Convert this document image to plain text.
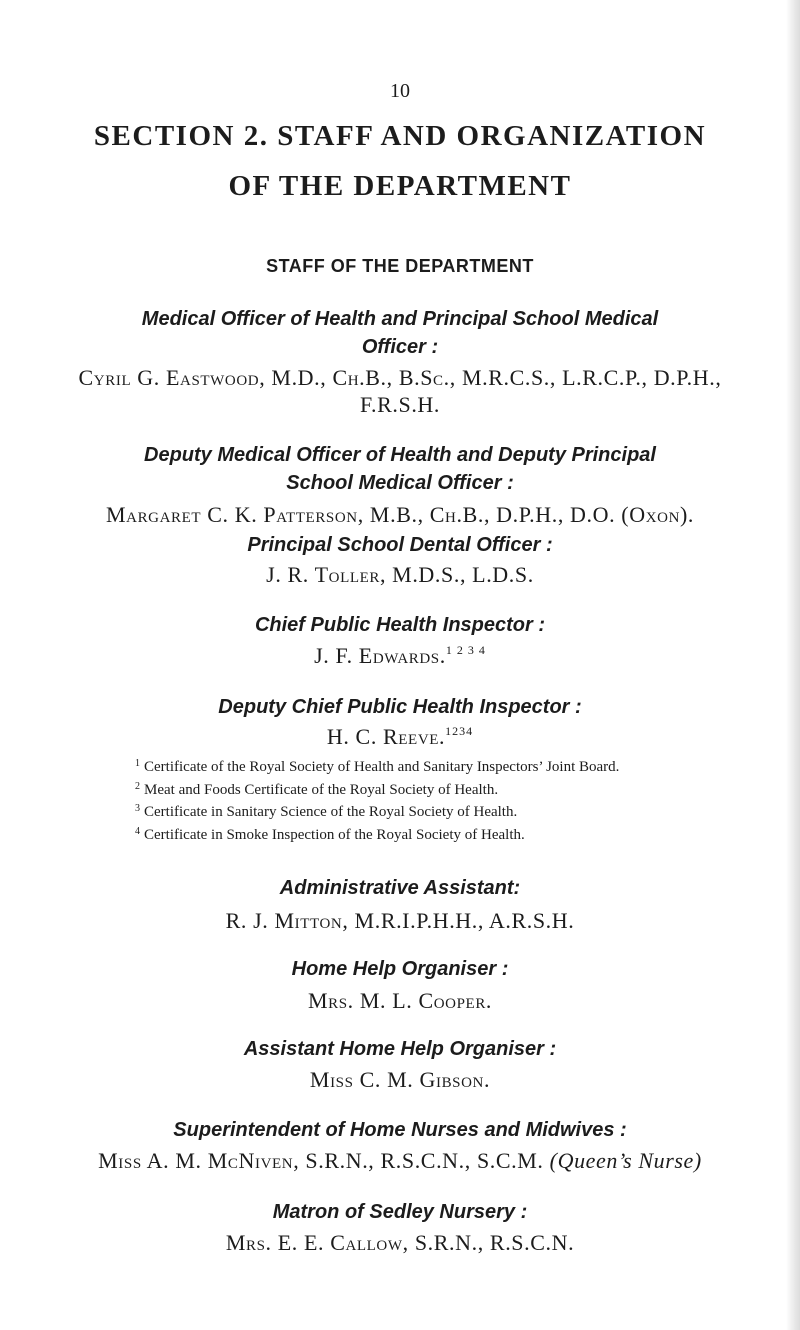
10
SECTION 2. STAFF AND ORGANIZATION
OF THE DEPARTMENT
STAFF OF THE DEPARTMENT
Medical Officer of Health and Principal School Medical
Officer :
Cyril G. Eastwood, M.D., Ch.B., B.Sc., M.R.C.S., L.R.C.P., D.P.H.,
F.R.S.H.
Deputy Medical Officer of Health and Deputy Principal
School Medical Officer :
Margaret C. K. Patterson, M.B., Ch.B., D.P.H., D.O. (Oxon).
Principal School Dental Officer :
J. R. Toller, M.D.S., L.D.S.
Chief Public Health Inspector :
J. F. Edwards.$^{1 2 3 4}$
Deputy Chief Public Health Inspector :
H. C. Reeve.$^{1234}$
$^1$ Certificate of the Royal Society of Health and Sanitary Inspectors’ Joint Board.
$^2$ Meat and Foods Certificate of the Royal Society of Health.
$^3$ Certificate in Sanitary Science of the Royal Society of Health.
$^4$ Certificate in Smoke Inspection of the Royal Society of Health.
Administrative Assistant:
R. J. Mitton, M.R.I.P.H.H., A.R.S.H.
Home Help Organiser :
Mrs. M. L. Cooper.
Assistant Home Help Organiser :
Miss C. M. Gibson.
Superintendent of Home Nurses and Midwives :
Miss A. M. McNiven, S.R.N., R.S.C.N., S.C.M. (Queen’s Nurse)
Matron of Sedley Nursery :
Mrs. E. E. Callow, S.R.N., R.S.C.N.
